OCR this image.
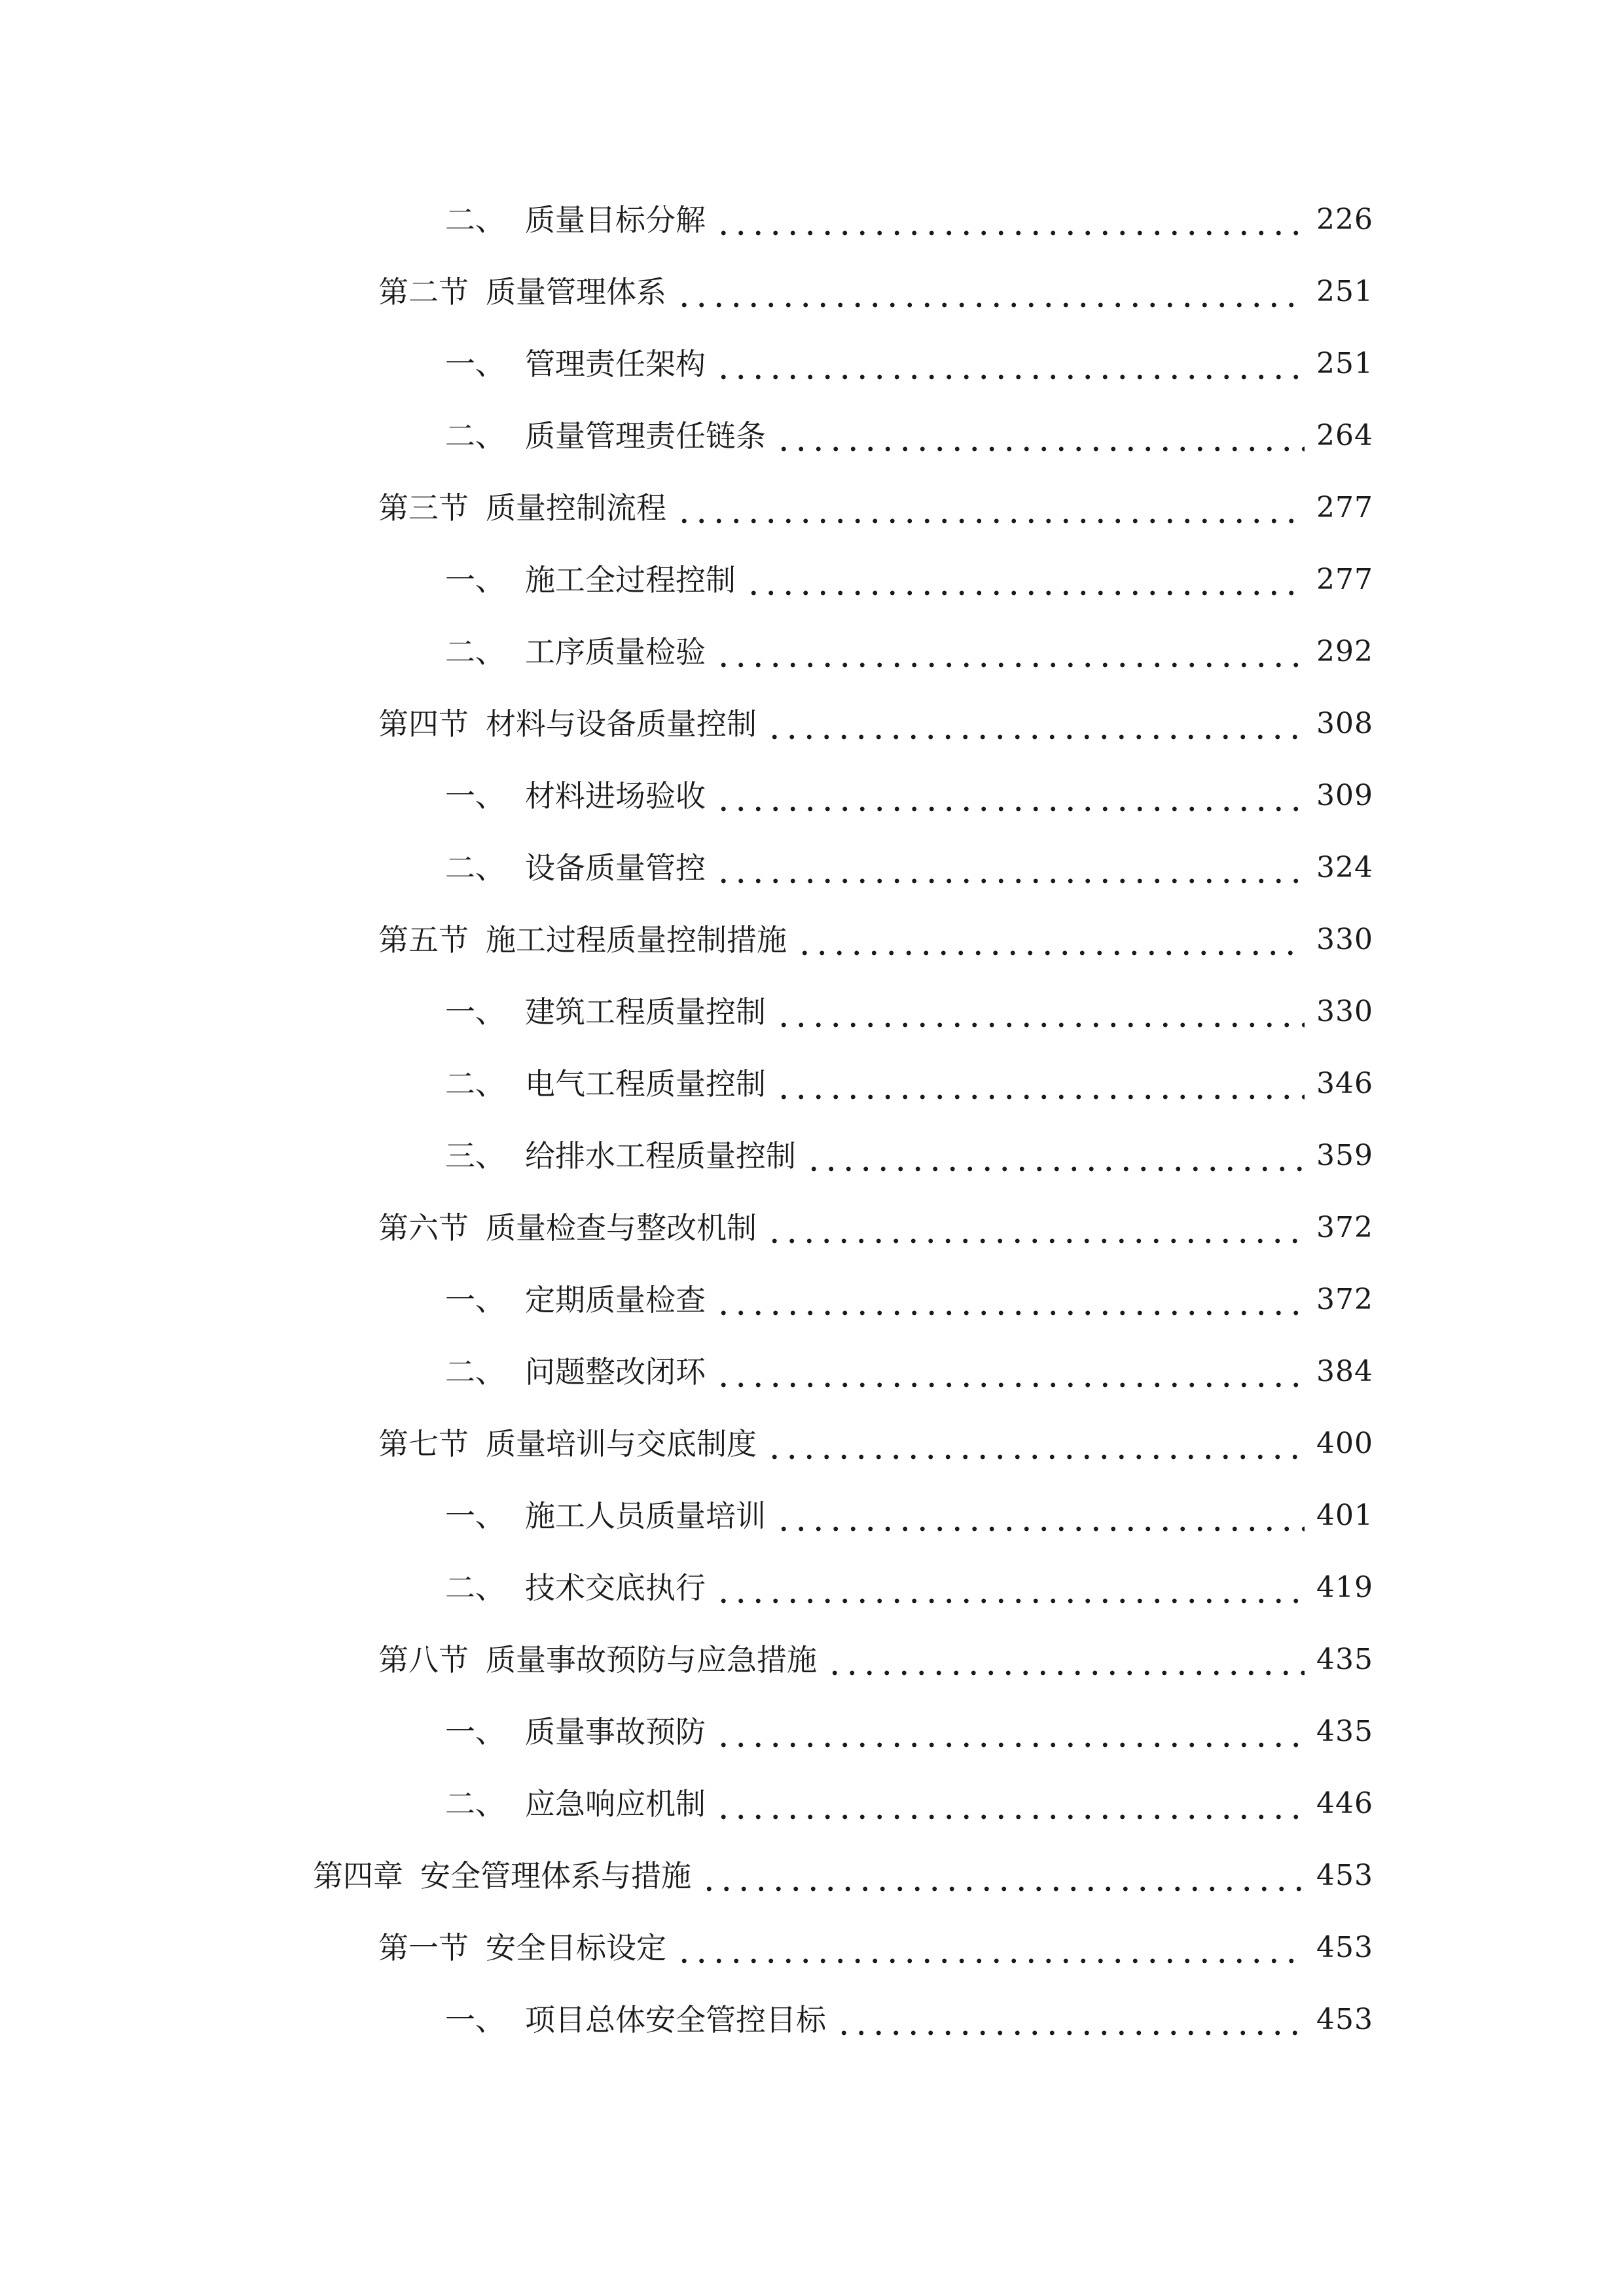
二、 质量目标分解	226
第二节 质量管理体系	251
一、 管理责任架构	251
二、 质量管理责任链条	264
第三节 质量控制流程	277
一、 施工全过程控制	277
二、 工序质量检验	292
第四节 材料与设备质量控制	308
一、 材料进场验收	309
二、 设备质量管控	324
第五节 施工过程质量控制措施	330
一、 建筑工程质量控制	330
二、 电气工程质量控制	346
三、 给排水工程质量控制	359
第六节 质量检查与整改机制	372
一、 定期质量检查	372
二、 问题整改闭环	384
第七节 质量培训与交底制度	400
一、 施工人员质量培训	401
二、 技术交底执行	419
第八节 质量事故预防与应急措施	435
一、 质量事故预防	435
二、 应急响应机制	446
第四章 安全管理体系与措施	453
第一节 安全目标设定	453
一、 项目总体安全管控目标	453
